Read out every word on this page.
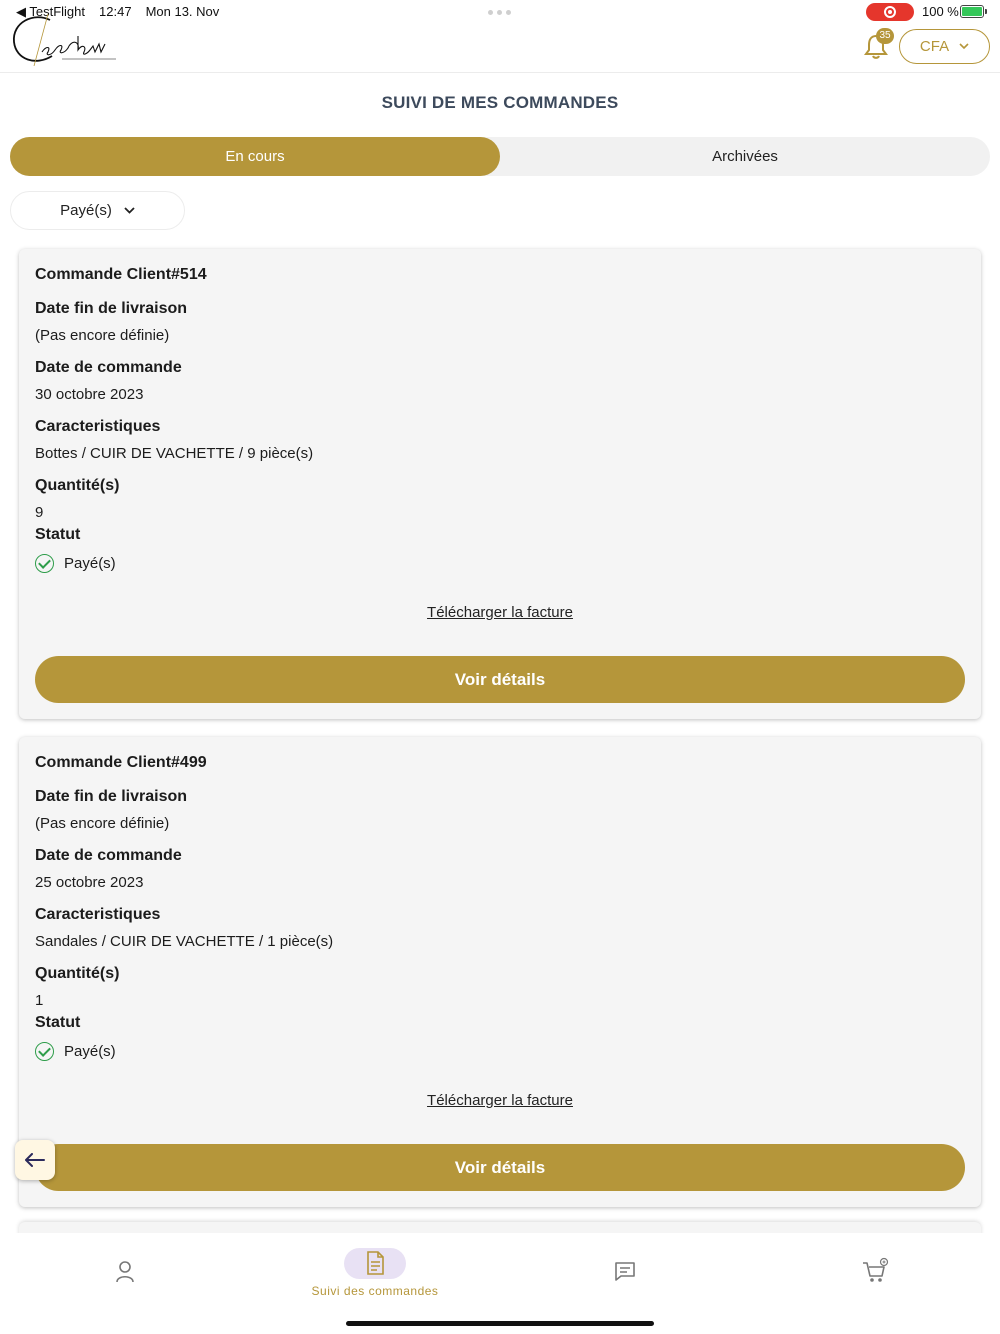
◀ TestFlight 12:47 Mon 13. Nov	100 %
35
CFA
SUIVI DE MES COMMANDES
En cours	Archivées
Payé(s)
Commande Client#514
Date fin de livraison
(Pas encore définie)
Date de commande
30 octobre 2023
Caracteristiques
Bottes / CUIR DE VACHETTE / 9 pièce(s)
Quantité(s)
9
Statut
Payé(s)
Télécharger la facture
Voir détails
Commande Client#499
Date fin de livraison
(Pas encore définie)
Date de commande
25 octobre 2023
Caracteristiques
Sandales / CUIR DE VACHETTE / 1 pièce(s)
Quantité(s)
1
Statut
Payé(s)
Télécharger la facture
Voir détails
Suivi des commandes
